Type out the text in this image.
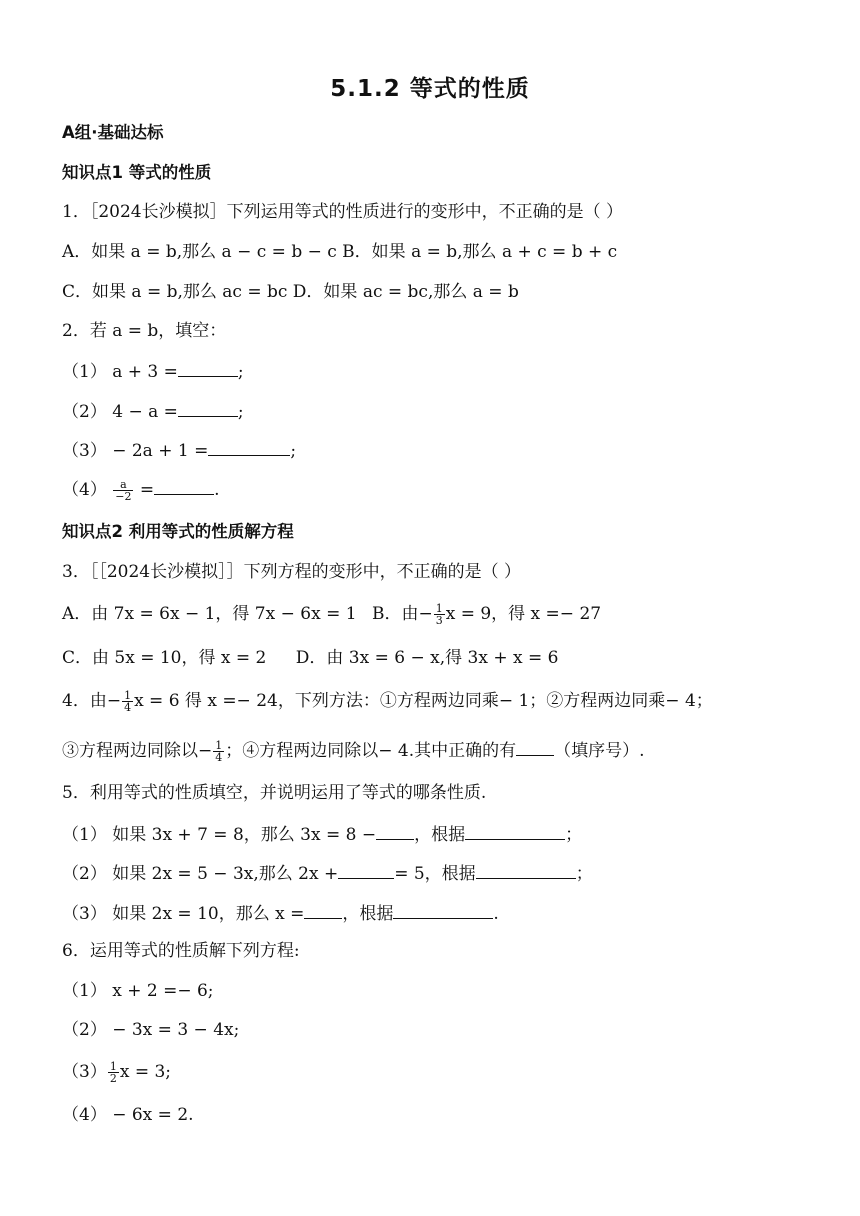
5.1.2 等式的性质
A组·基础达标
知识点1 等式的性质
1．［2024长沙模拟］下列运用等式的性质进行的变形中，不正确的是（ ）
A．如果 a = b,那么 a − c = b − c B．如果 a = b,那么 a + c = b + c
C．如果 a = b,那么 ac = bc D．如果 ac = bc,那么 a = b
2．若 a = b，填空：
（1） a + 3 =	;
（2） 4 − a =	;
（3） − 2a + 1 =	;
$(4) \frac{a}{-2}$ =	.
知识点2 利用等式的性质解方程
3．［［2024长沙模拟］］下列方程的变形中，不正确的是（ ）
A．由 7x = 6x − 1，得 7x − 6x = 1 B．由− $\frac{1}{3}$ x = 9，得 x =− 27
C．由 5x = 10，得 x = 2 D．由 3x = 6 − x,得 3x + x = 6
4．由− $\frac{1}{4}$ x = 6 得 x =− 24，下列方法：①方程两边同乘− 1；②方程两边同乘− 4；
③方程两边同除以− $\frac{1}{4}$ ；④方程两边同除以− 4.其中正确的有 （填序号）.
5．利用等式的性质填空，并说明运用了等式的哪条性质.
（1） 如果 3x + 7 = 8，那么 3x = 8 − ，根据	；
（2） 如果 2x = 5 − 3x,那么 2x +	= 5，根据	；
（3） 如果 2x = 10，那么 x = ，根据	.
6．运用等式的性质解下列方程:
（1） x + 2 =− 6;
（2） − 3x = 3 − 4x;
$(3) \frac{1}{2}$ x = 3;
（4） − 6x = 2.
